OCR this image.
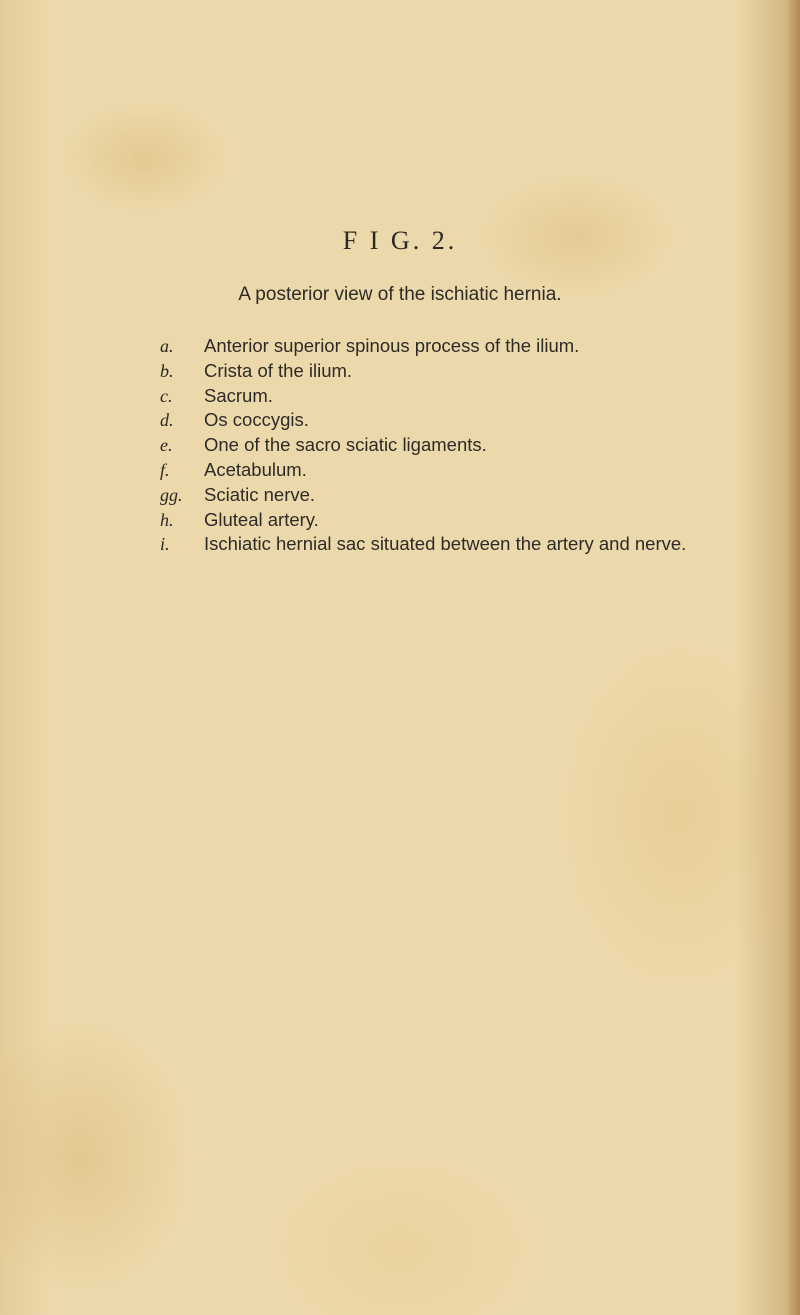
F I G. 2.

A posterior view of the ischiatic hernia.

a.	Anterior superior spinous process of the ilium.
b.	Crista of the ilium.
c.	Sacrum.
d.	Os coccygis.
e.	One of the sacro sciatic ligaments.
f.	Acetabulum.
gg.	Sciatic nerve.
h.	Gluteal artery.
i.	Ischiatic hernial sac situated between the artery and nerve.
